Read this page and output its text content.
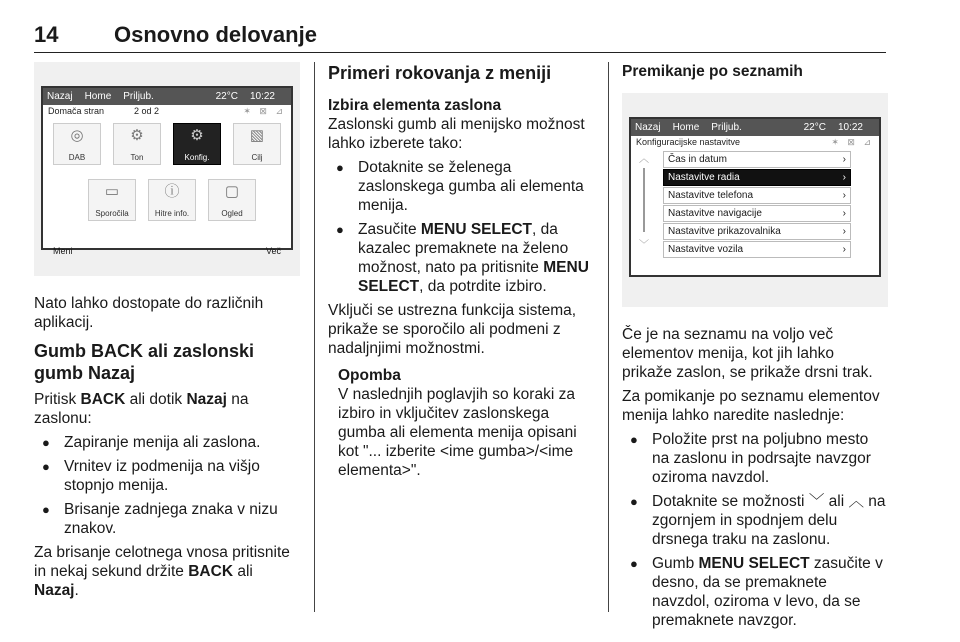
14	Osnovno delovanje
Nazaj Home Priljub.	22°C 10:22
Domača stran	2 od 2	✶ ⊠ ⊿
◎
DAB
⚙
Ton
⚙
Konfig.
▧
Cilj
▭
Sporočila
ⓘ
Hitre info.
▢
Ogled
Meni	Več

Nato lahko dostopate do različnih aplikacij.

Gumb BACK ali zaslonski gumb Nazaj

Pritisk BACK ali dotik Nazaj na zaslonu:

● Zapiranje menija ali zaslona.
● Vrnitev iz podmenija na višjo stopnjo menija.
● Brisanje zadnjega znaka v nizu znakov.

Za brisanje celotnega vnosa pritisnite in nekaj sekund držite BACK ali Nazaj.

Primeri rokovanja z meniji
Izbira elementa zaslona

Zaslonski gumb ali menijsko možnost lahko izberete tako:

● Dotaknite se želenega zaslonskega gumba ali elementa menija.
● Zasučite MENU SELECT, da kazalec premaknete na želeno možnost, nato pa pritisnite MENU SELECT, da potrdite izbiro.

Vključi se ustrezna funkcija sistema, prikaže se sporočilo ali podmeni z nadaljnjimi možnostmi.

Opomba

V naslednjih poglavjih so koraki za izbiro in vključitev zaslonskega gumba ali elementa menija opisani kot "... izberite <ime gumba>/<ime elementa>".

Premikanje po seznamih
Nazaj Home Priljub.	22°C 10:22
Konfiguracijske nastavitve	✶ ⊠ ⊿
︿
﹀
Čas in datum	›
Nastavitve radia	›
Nastavitve telefona	›
Nastavitve navigacije	›
Nastavitve prikazovalnika	›
Nastavitve vozila	›

Če je na seznamu na voljo več elementov menija, kot jih lahko prikaže zaslon, se prikaže drsni trak.

Za pomikanje po seznamu elementov menija lahko naredite naslednje:

● Položite prst na poljubno mesto na zaslonu in podrsajte navzgor oziroma navzdol.
● Dotaknite se možnosti ﹀ ali ︿ na zgornjem in spodnjem delu drsnega traku na zaslonu.
● Gumb MENU SELECT zasučite v desno, da se premaknete navzdol, oziroma v levo, da se premaknete navzgor.
